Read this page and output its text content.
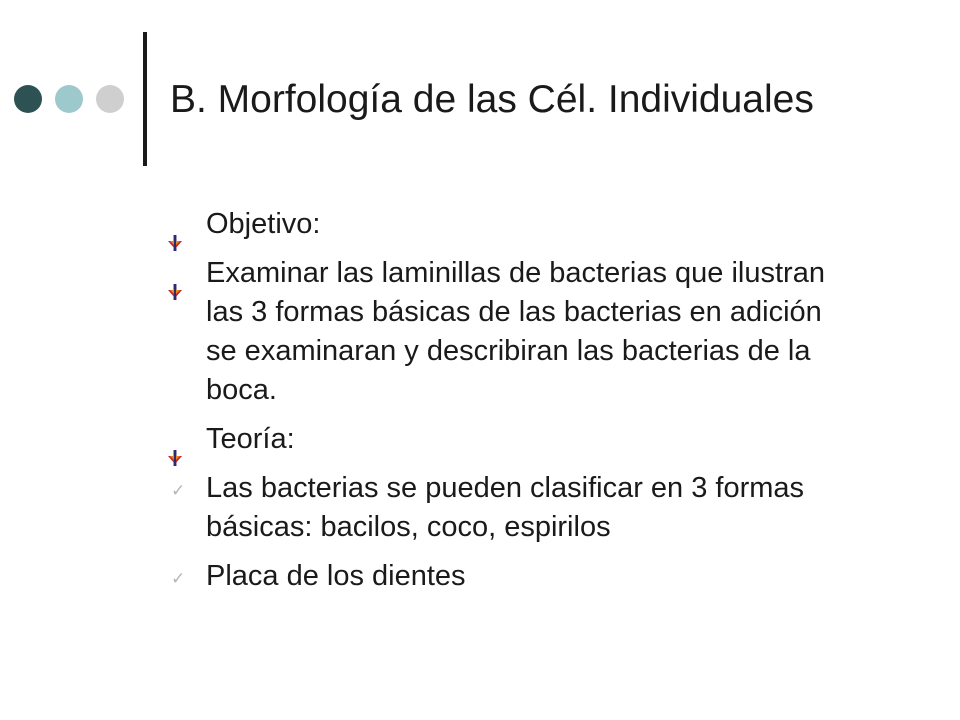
B. Morfología de las Cél. Individuales
Objetivo:
Examinar las laminillas de bacterias que ilustran las 3 formas básicas de las bacterias en adición se examinaran y describiran las bacterias de la boca.
Teoría:
✓ Las bacterias se pueden clasificar en 3 formas básicas: bacilos, coco, espirilos
✓ Placa de los dientes
